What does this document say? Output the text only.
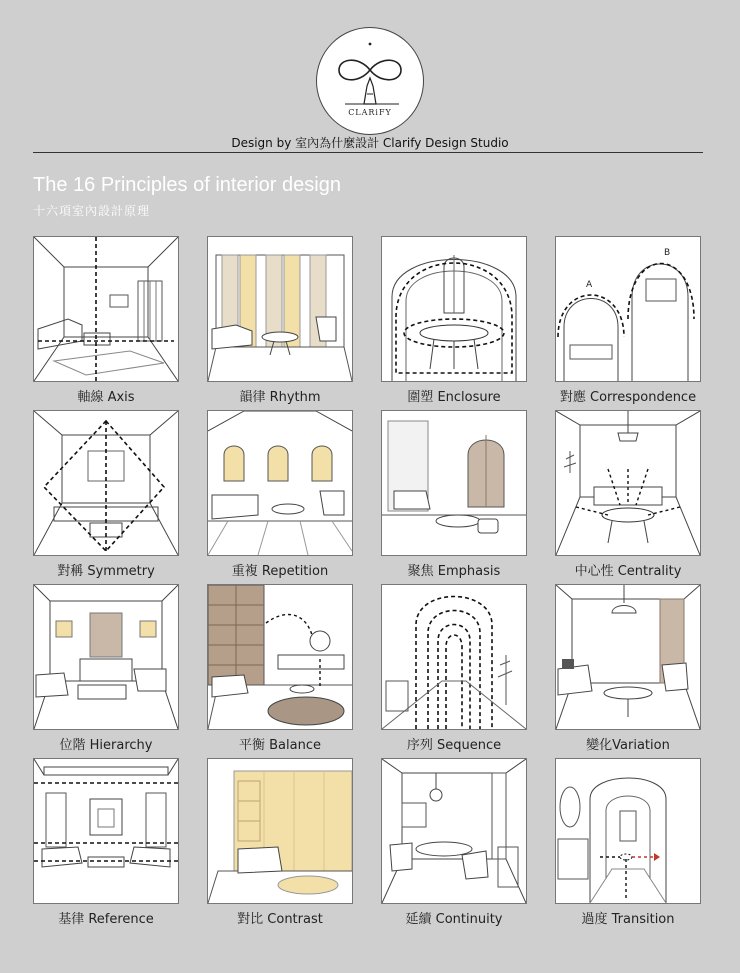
CLARiFY
Design by 室內為什麼設計 Clarify Design Studio
The 16 Principles of interior design
十六項室內設計原理
軸線 Axis	韻律 Rhythm	圍塑 Enclosure
A
B
對應 Correspondence
對稱 Symmetry	重複 Repetition	聚焦 Emphasis	中心性 Centrality
位階 Hierarchy	平衡 Balance	序列 Sequence	變化Variation
基律 Reference	對比 Contrast	延續 Continuity	過度 Transition
